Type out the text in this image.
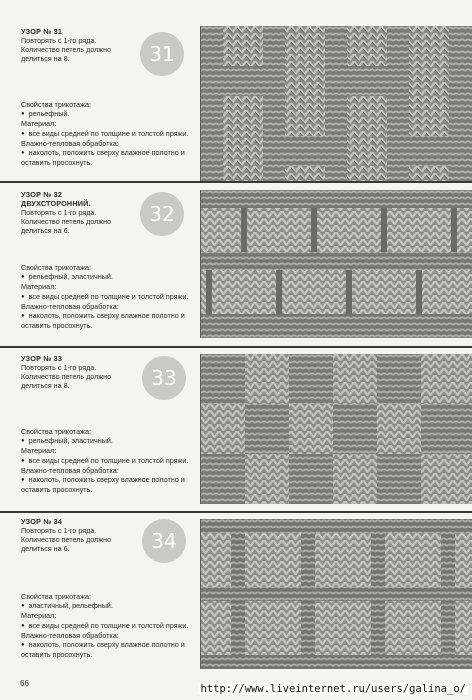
УЗОР № 31
Повторять с 1-го ряда.
Количество петель должно делиться на 8.	31
Свойства трикотажа:
● рельефный.
Материал:
● все виды средней по толщине и толстой пряжи.
Влажно-тепловая обработка:
● наколоть, положить сверху влажное полотно и оставить просохнуть.
УЗОР № 32
ДВУХСТОРОННИЙ.
Повторять с 1-го ряда.
Количество петель должно делиться на 6.
32
Свойства трикотажа:
● рельефный, эластичный.
Материал:
● все виды средней по толщине и толстой пряжи.
Влажно-тепловая обработка:
● наколоть, положить сверху влажное полотно и оставить просохнуть.
УЗОР № 33
Повторять с 1-го ряда.
Количество петель должно делиться на 8.	33
Свойства трикотажа:
● рельефный, эластичный.
Материал:
● все виды средней по толщине и толстой пряжи.
Влажно-тепловая обработка:
● наколоть, положить сверху влажное полотно и оставить просохнуть.
УЗОР № 34
Повторять с 1-го ряда.
Количество петель должно делиться на 6.	34
Свойства трикотажа:
● эластичный, рельефный.
Материал:
● все виды средней по толщине и толстой пряжи.
Влажно-тепловая обработка:
● наколоть, положить сверху влажное полотно и оставить просохнуть.
66	http://www.liveinternet.ru/users/galina_o/
